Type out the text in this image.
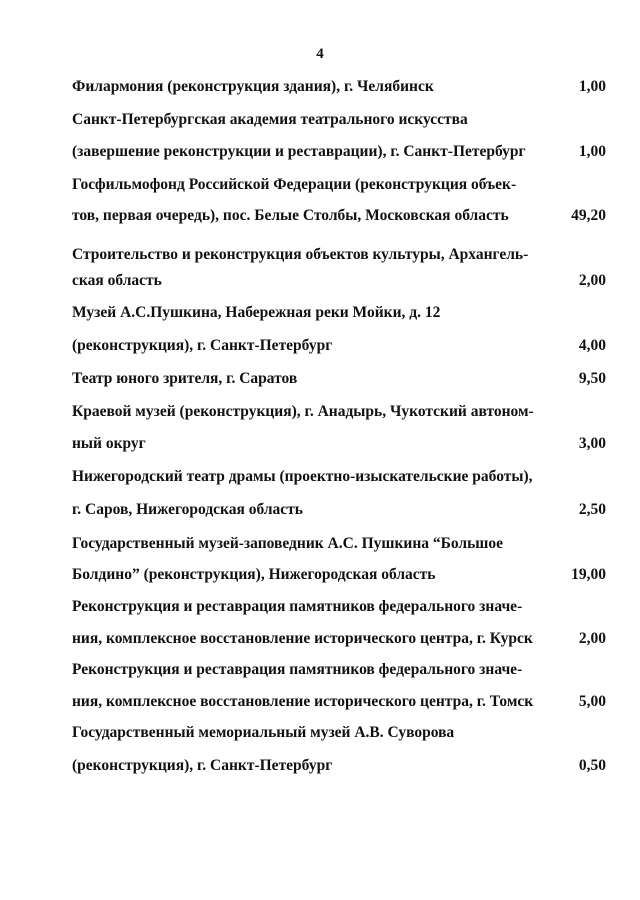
4
Филармония (реконструкция здания), г. Челябинск	1,00
Санкт-Петербургская академия театрального искусства
(завершение реконструкции и реставрации), г. Санкт-Петербург	1,00
Госфильмофонд Российской Федерации (реконструкция объек-
тов, первая очередь), пос. Белые Столбы, Московская область	49,20
Строительство и реконструкция объектов культуры, Архангель-
ская область	2,00
Музей А.С.Пушкина, Набережная реки Мойки, д. 12
(реконструкция), г. Санкт-Петербург	4,00
Театр юного зрителя, г. Саратов	9,50
Краевой музей (реконструкция), г. Анадырь, Чукотский автоном-
ный округ	3,00
Нижегородский театр драмы (проектно-изыскательские работы),
г. Саров, Нижегородская область	2,50
Государственный музей-заповедник А.С. Пушкина “Большое
Болдино” (реконструкция), Нижегородская область	19,00
Реконструкция и реставрация памятников федерального значе-
ния, комплексное восстановление исторического центра, г. Курск	2,00
Реконструкция и реставрация памятников федерального значе-
ния, комплексное восстановление исторического центра, г. Томск	5,00
Государственный мемориальный музей А.В. Суворова
(реконструкция), г. Санкт-Петербург	0,50
